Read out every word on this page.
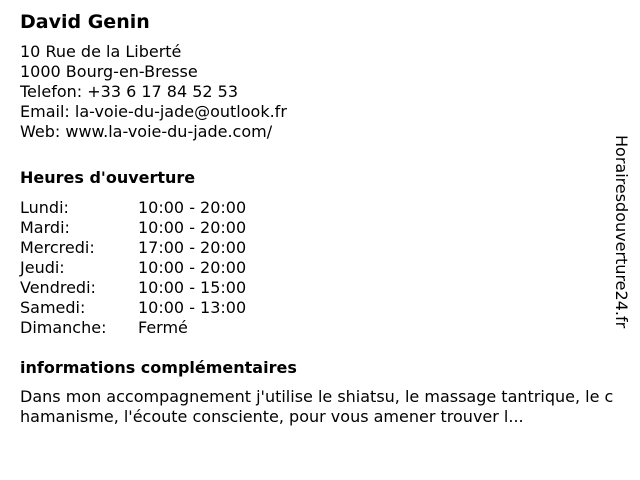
David Genin
10 Rue de la Liberté
1000 Bourg-en-Bresse
Telefon: +33 6 17 84 52 53
Email: la-voie-du-jade@outlook.fr
Web: www.la-voie-du-jade.com/
Heures d'ouverture
Lundi:	10:00 - 20:00
Mardi:	10:00 - 20:00
Mercredi:	17:00 - 20:00
Jeudi:	10:00 - 20:00
Vendredi:	10:00 - 15:00
Samedi:	10:00 - 13:00
Dimanche:	Fermé
informations complémentaires
Dans mon accompagnement j'utilise le shiatsu, le massage tantrique, le chamanisme, l'écoute consciente, pour vous amener trouver l...
Horairesdouverture24.fr
